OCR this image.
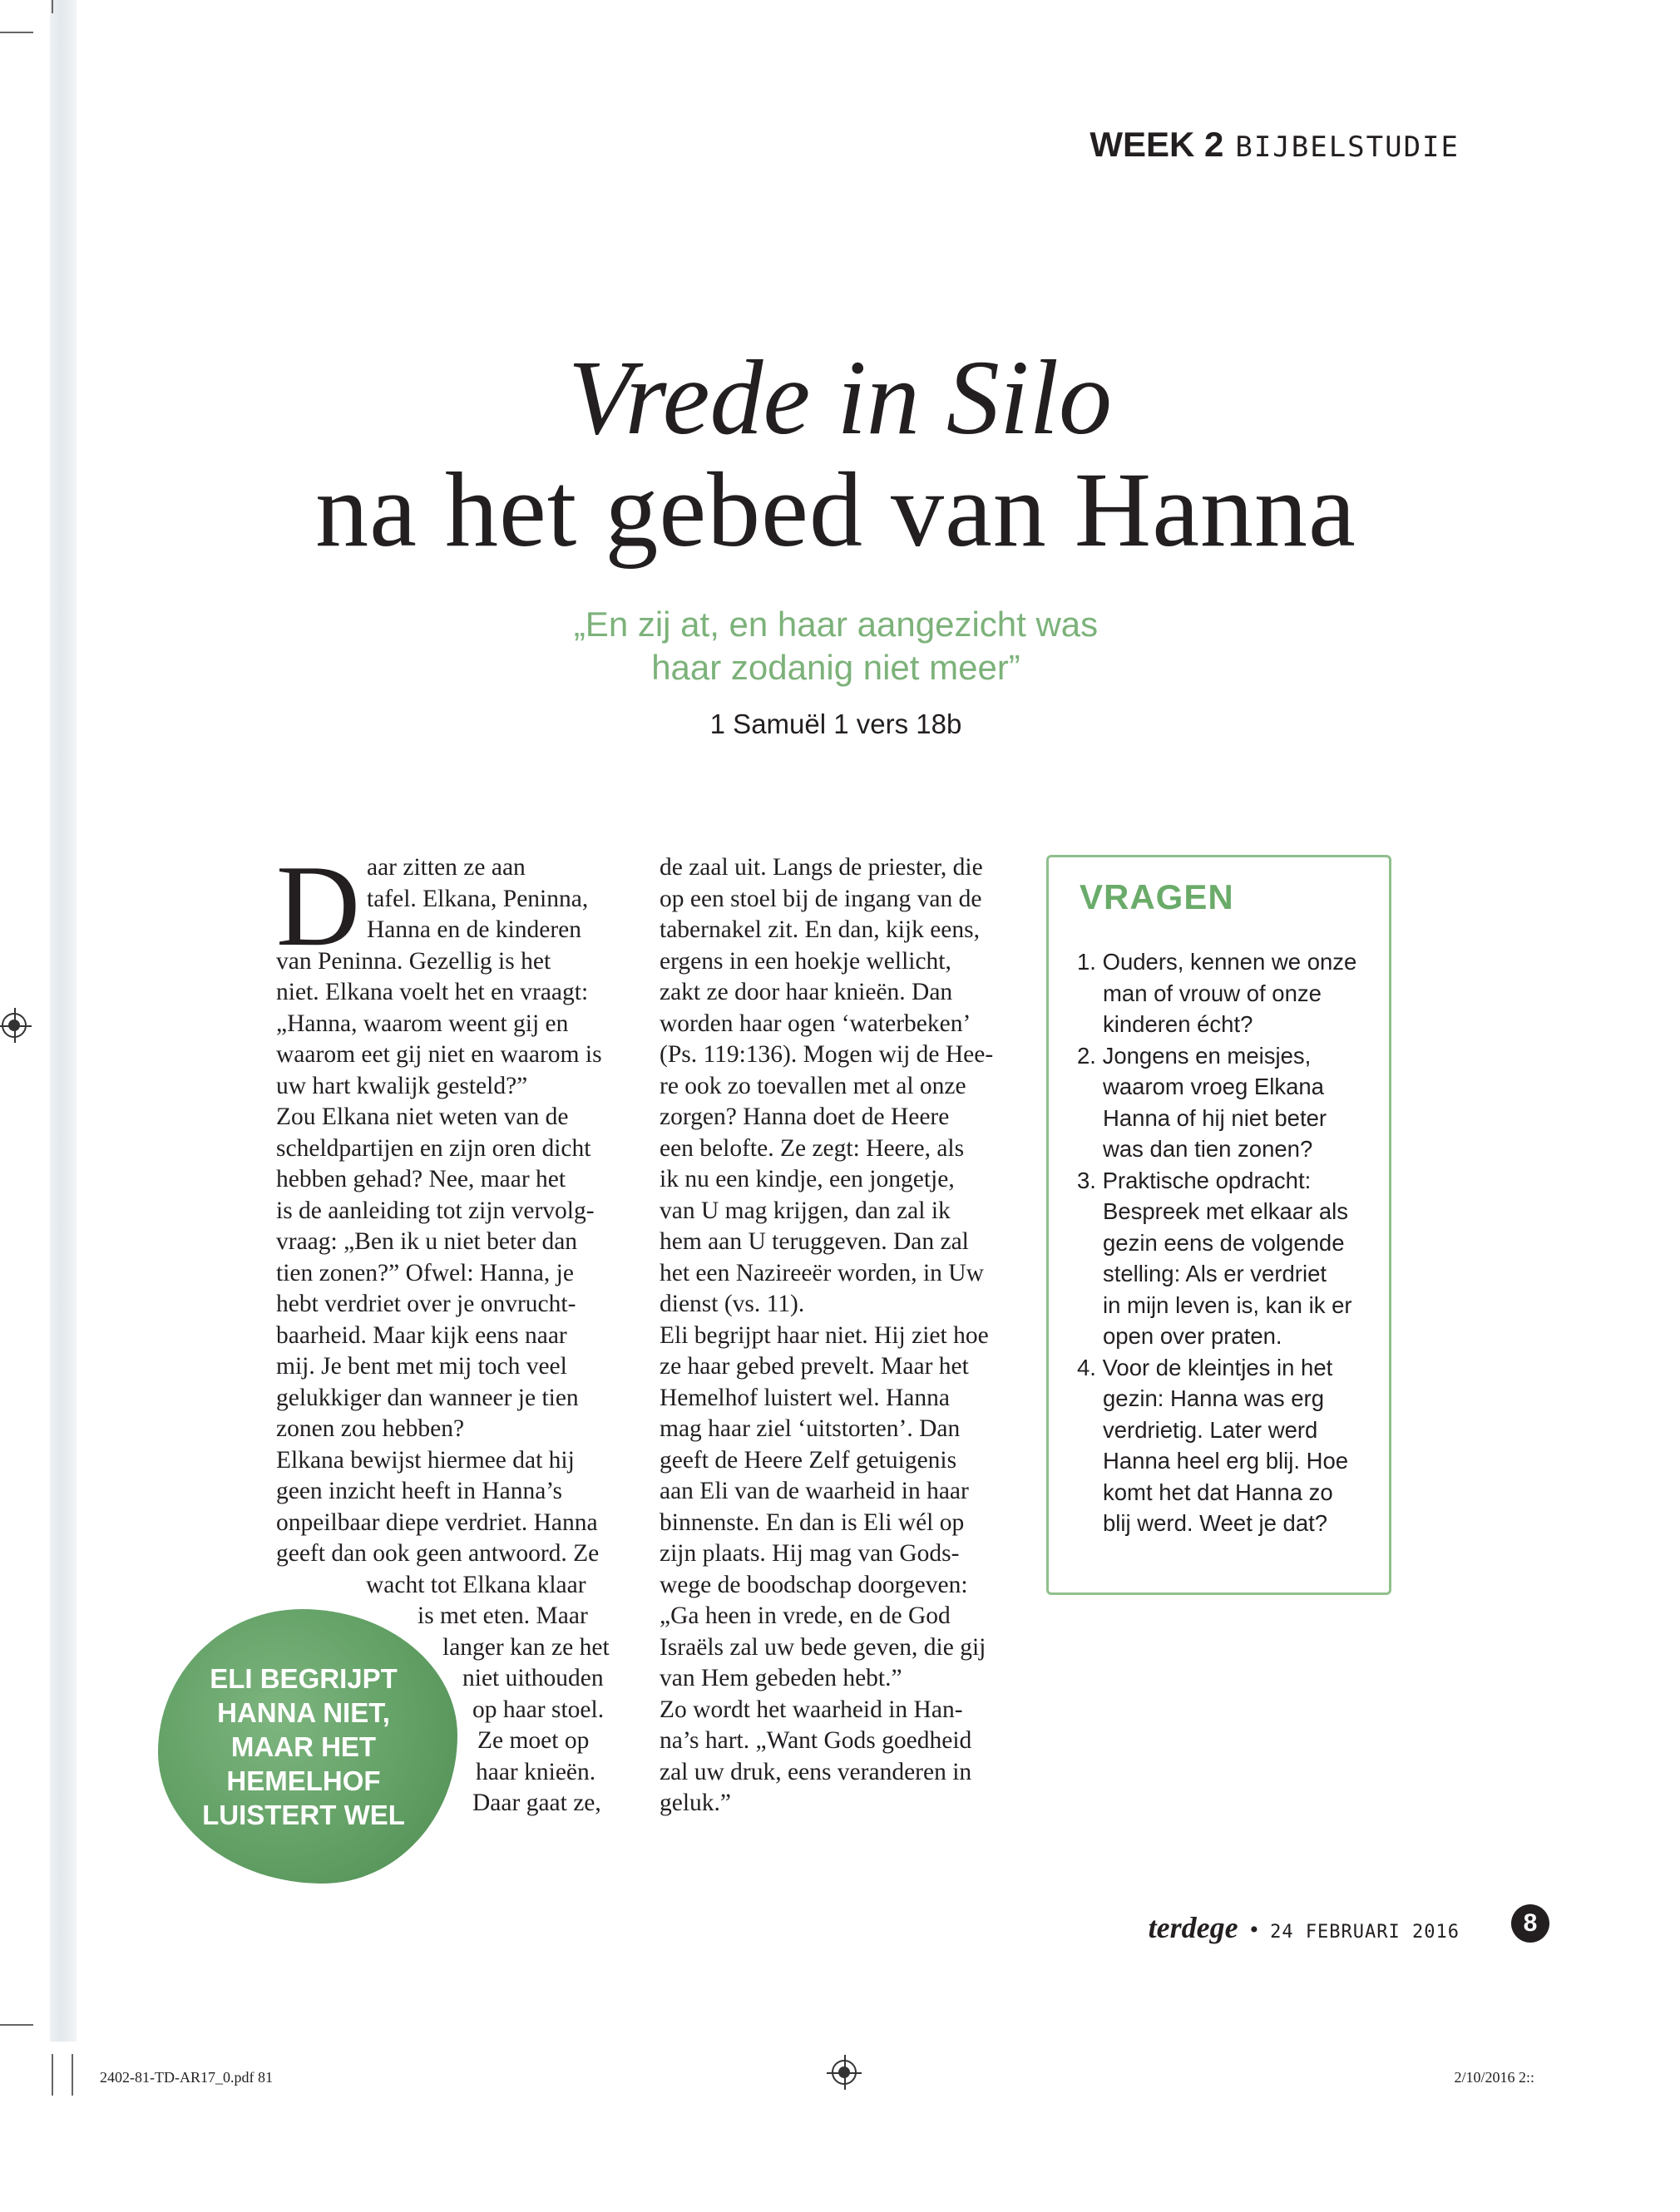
WEEK 2 BIJBELSTUDIE
Vrede in Silo
na het gebed van Hanna
„En zij at, en haar aangezicht was
haar zodanig niet meer”
1 Samuël 1 vers 18b
D aar zitten ze aan
tafel. Elkana, Peninna,
Hanna en de kinderen
van Peninna. Gezellig is het
niet. Elkana voelt het en vraagt:
„Hanna, waarom weent gij en
waarom eet gij niet en waarom is
uw hart kwalijk gesteld?”
Zou Elkana niet weten van de
scheldpartijen en zijn oren dicht
hebben gehad? Nee, maar het
is de aanleiding tot zijn vervolg-
vraag: „Ben ik u niet beter dan
tien zonen?” Ofwel: Hanna, je
hebt verdriet over je onvrucht-
baarheid. Maar kijk eens naar
mij. Je bent met mij toch veel
gelukkiger dan wanneer je tien
zonen zou hebben?
Elkana bewijst hiermee dat hij
geen inzicht heeft in Hanna’s
onpeilbaar diepe verdriet. Hanna
geeft dan ook geen antwoord. Ze
wacht tot Elkana klaar
is met eten. Maar
langer kan ze het
niet uithouden
op haar stoel.
Ze moet op
haar knieën.
Daar gaat ze,
de zaal uit. Langs de priester, die
op een stoel bij de ingang van de
tabernakel zit. En dan, kijk eens,
ergens in een hoekje wellicht,
zakt ze door haar knieën. Dan
worden haar ogen ‘waterbeken’
(Ps. 119:136). Mogen wij de Hee-
re ook zo toevallen met al onze
zorgen? Hanna doet de Heere
een belofte. Ze zegt: Heere, als
ik nu een kindje, een jongetje,
van U mag krijgen, dan zal ik
hem aan U teruggeven. Dan zal
het een Nazireeër worden, in Uw
dienst (vs. 11).
Eli begrijpt haar niet. Hij ziet hoe
ze haar gebed prevelt. Maar het
Hemelhof luistert wel. Hanna
mag haar ziel ‘uitstorten’. Dan
geeft de Heere Zelf getuigenis
aan Eli van de waarheid in haar
binnenste. En dan is Eli wél op
zijn plaats. Hij mag van Gods-
wege de boodschap doorgeven:
„Ga heen in vrede, en de God
Israëls zal uw bede geven, die gij
van Hem gebeden hebt.”
Zo wordt het waarheid in Han-
na’s hart. „Want Gods goedheid
zal uw druk, eens veranderen in
geluk.”
ELI BEGRIJPT
HANNA NIET,
MAAR HET
HEMELHOF
LUISTERT WEL
VRAGEN
1. Ouders, kennen we onze
man of vrouw of onze
kinderen écht?
2. Jongens en meisjes,
waarom vroeg Elkana
Hanna of hij niet beter
was dan tien zonen?
3. Praktische opdracht:
Bespreek met elkaar als
gezin eens de volgende
stelling: Als er verdriet
in mijn leven is, kan ik er
open over praten.
4. Voor de kleintjes in het
gezin: Hanna was erg
verdrietig. Later werd
Hanna heel erg blij. Hoe
komt het dat Hanna zo
blij werd. Weet je dat?
terdege • 24 FEBRUARI 2016	8
2402-81-TD-AR17_0.pdf 81	2/10/2016 2::
